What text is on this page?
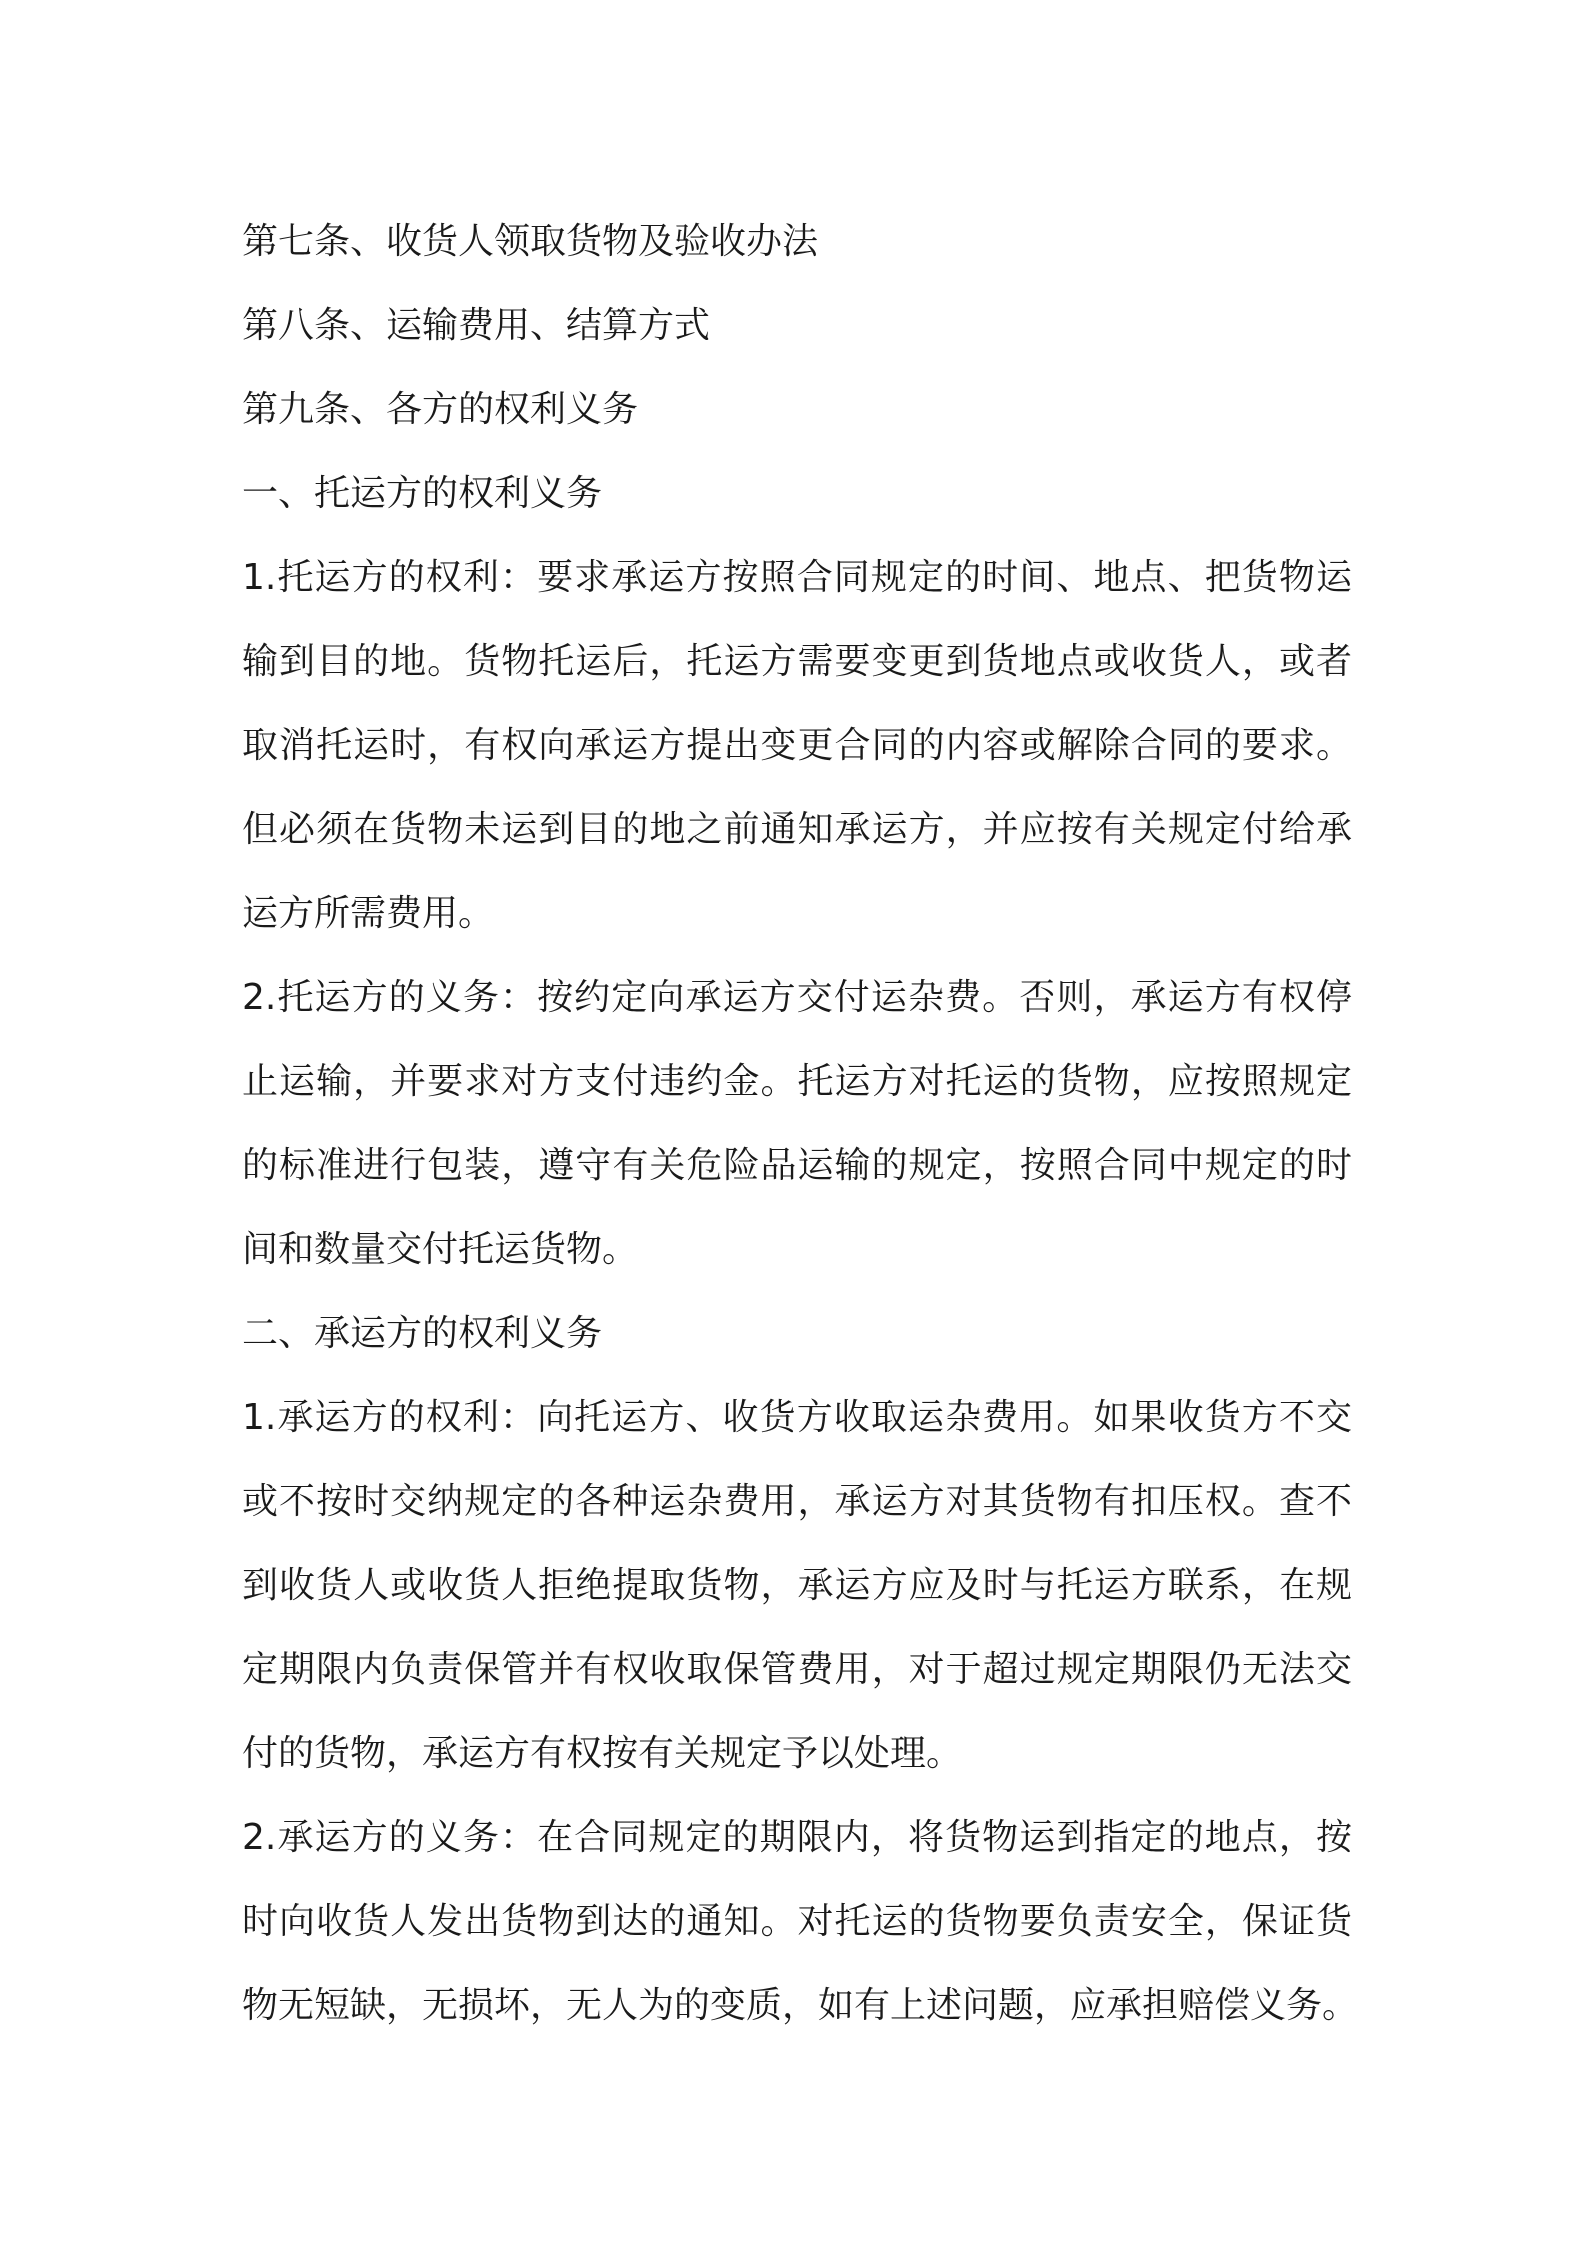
第七条、收货人领取货物及验收办法
第八条、运输费用、结算方式
第九条、各方的权利义务
一、托运方的权利义务
1.托运方的权利：要求承运方按照合同规定的时间、地点、把货物运
输到目的地。货物托运后，托运方需要变更到货地点或收货人，或者
取消托运时，有权向承运方提出变更合同的内容或解除合同的要求。
但必须在货物未运到目的地之前通知承运方，并应按有关规定付给承
运方所需费用。
2.托运方的义务：按约定向承运方交付运杂费。否则，承运方有权停
止运输，并要求对方支付违约金。托运方对托运的货物，应按照规定
的标准进行包装，遵守有关危险品运输的规定，按照合同中规定的时
间和数量交付托运货物。
二、承运方的权利义务
1.承运方的权利：向托运方、收货方收取运杂费用。如果收货方不交
或不按时交纳规定的各种运杂费用，承运方对其货物有扣压权。查不
到收货人或收货人拒绝提取货物，承运方应及时与托运方联系，在规
定期限内负责保管并有权收取保管费用，对于超过规定期限仍无法交
付的货物，承运方有权按有关规定予以处理。
2.承运方的义务：在合同规定的期限内，将货物运到指定的地点，按
时向收货人发出货物到达的通知。对托运的货物要负责安全，保证货
物无短缺，无损坏，无人为的变质，如有上述问题，应承担赔偿义务。
